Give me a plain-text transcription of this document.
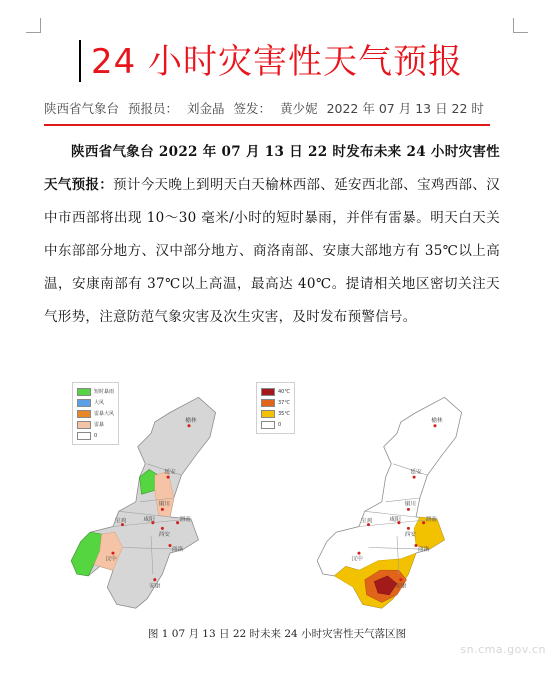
24 小时灾害性天气预报
陕西省气象台 预报员： 刘金晶 签发： 黄少妮 2022 年 07 月 13 日 22 时
陕西省气象台 2022 年 07 月 13 日 22 时发布未来 24 小时灾害性天气预报：预计今天晚上到明天白天榆林西部、延安西北部、宝鸡西部、汉中市西部将出现 10～30 毫米/小时的短时暴雨，并伴有雷暴。明天白天关中东部部分地方、汉中部分地方、商洛南部、安康大部地方有 35℃以上高温，安康南部有 37℃以上高温，最高达 40℃。提请相关地区密切关注天气形势，注意防范气象灾害及次生灾害，及时发布预警信号。
榆林
延安
铜川
宝鸡	咸阳	渭南
西安
商洛
汉中
安康
短时暴雨
大风
雷暴大风
雷暴
0
榆林
延安
铜川
宝鸡	咸阳	渭南
西安
商洛
汉中
安康
40℃
37℃
35℃
0
图 1 07 月 13 日 22 时未来 24 小时灾害性天气落区图
sn.cma.gov.cn
